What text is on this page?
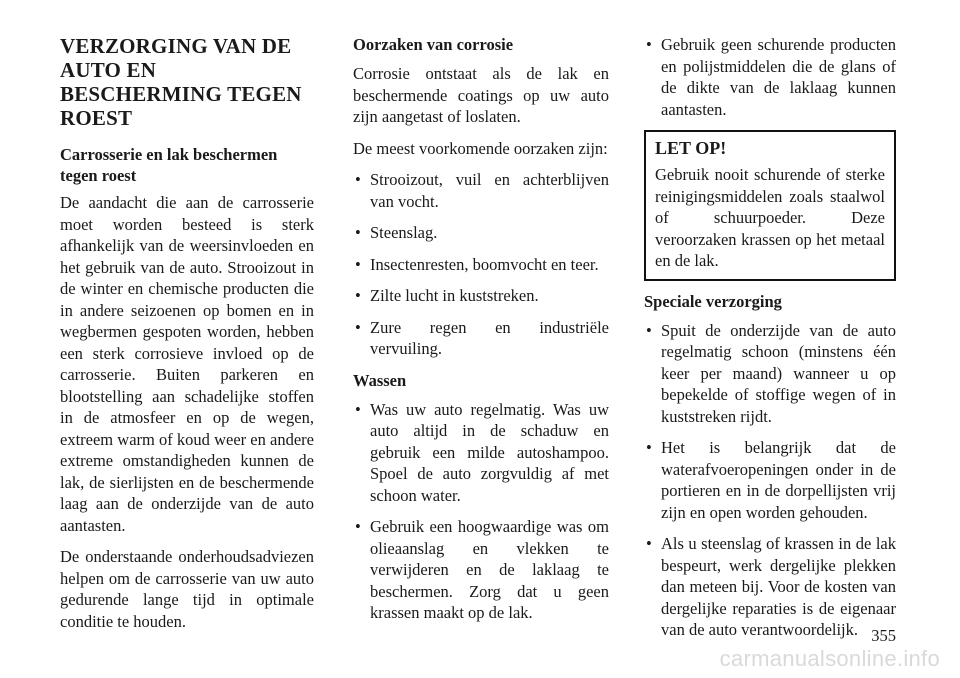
VERZORGING VAN DE AUTO EN BESCHERMING TEGEN ROEST
Carrosserie en lak beschermen tegen roest

De aandacht die aan de carrosserie moet worden besteed is sterk afhankelijk van de weersinvloeden en het gebruik van de auto. Strooizout in de winter en chemische producten die in andere seizoenen op bomen en in wegbermen gespoten worden, hebben een sterk corrosieve invloed op de carrosserie. Buiten parkeren en blootstelling aan schadelijke stoffen in de atmosfeer en op de wegen, extreem warm of koud weer en andere extreme omstandigheden kunnen de lak, de sierlijsten en de beschermende laag aan de onderzijde van de auto aantasten.

De onderstaande onderhoudsadviezen helpen om de carrosserie van uw auto gedurende lange tijd in optimale conditie te houden.

Oorzaken van corrosie

Corrosie ontstaat als de lak en beschermende coatings op uw auto zijn aangetast of loslaten.

De meest voorkomende oorzaken zijn:

• Strooizout, vuil en achterblijven van vocht.
• Steenslag.
• Insectenresten, boomvocht en teer.
• Zilte lucht in kuststreken.
• Zure regen en industriële vervuiling.
Wassen
• Was uw auto regelmatig. Was uw auto altijd in de schaduw en gebruik een milde autoshampoo. Spoel de auto zorgvuldig af met schoon water.
• Gebruik een hoogwaardige was om olieaanslag en vlekken te verwijderen en de laklaag te beschermen. Zorg dat u geen krassen maakt op de lak.
• Gebruik geen schurende producten en polijstmiddelen die de glans of de dikte van de laklaag kunnen aantasten.
LET OP!

Gebruik nooit schurende of sterke reinigingsmiddelen zoals staalwol of schuurpoeder. Deze veroorzaken krassen op het metaal en de lak.

Speciale verzorging
• Spuit de onderzijde van de auto regelmatig schoon (minstens één keer per maand) wanneer u op bepekelde of stoffige wegen of in kuststreken rijdt.
• Het is belangrijk dat de waterafvoeropeningen onder in de portieren en in de dorpellijsten vrij zijn en open worden gehouden.
• Als u steenslag of krassen in de lak bespeurt, werk dergelijke plekken dan meteen bij. Voor de kosten van dergelijke reparaties is de eigenaar van de auto verantwoordelijk. 355
carmanualsonline.info
